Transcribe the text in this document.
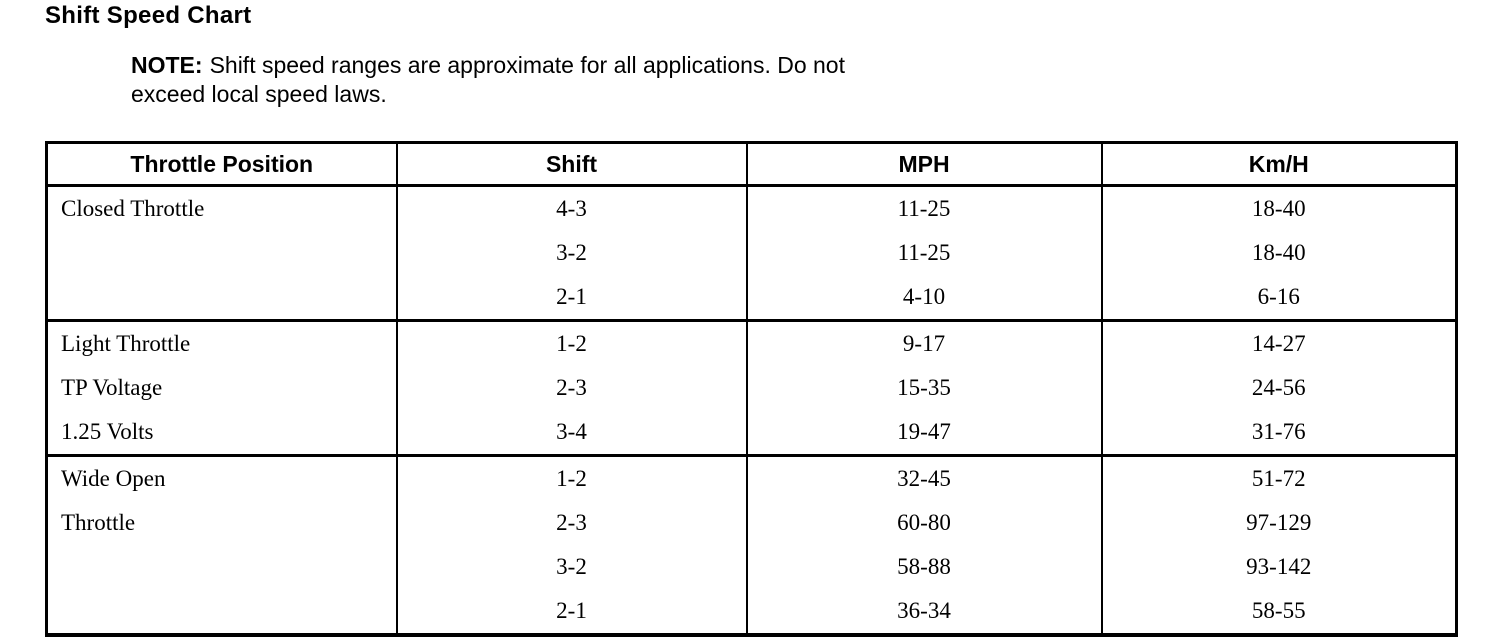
Shift Speed Chart

NOTE: Shift speed ranges are approximate for all applications. Do not
exceed local speed laws.

Throttle Position	Shift	MPH	Km/H
Closed Throttle	4-3	11-25	18-40
	3-2	11-25	18-40
	2-1	4-10	6-16
Light Throttle	1-2	9-17	14-27
TP Voltage	2-3	15-35	24-56
1.25 Volts	3-4	19-47	31-76
Wide Open	1-2	32-45	51-72
Throttle	2-3	60-80	97-129
	3-2	58-88	93-142
	2-1	36-34	58-55
